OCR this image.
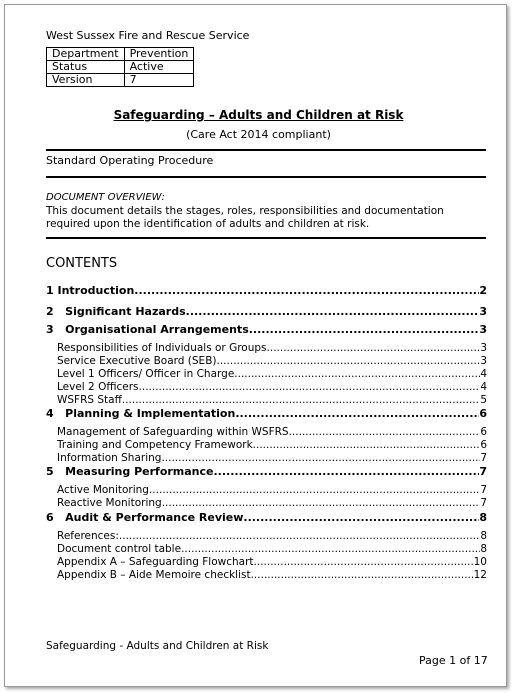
West Sussex Fire and Rescue Service
Department	Prevention
Status	Active
Version	7
Safeguarding – Adults and Children at Risk
(Care Act 2014 compliant)
Standard Operating Procedure
DOCUMENT OVERVIEW:
This document details the stages, roles, responsibilities and documentation required upon the identification of adults and children at risk.
CONTENTS
1 Introduction .....	2
2   Significant Hazards .....	3
3   Organisational Arrangements .....	3
Responsibilities of Individuals or Groups .....	3
Service Executive Board (SEB) .....	3
Level 1 Officers/ Officer in Charge .....	4
Level 2 Officers .....	4
WSFRS Staff .....	5
4   Planning & Implementation .....	6
Management of Safeguarding within WSFRS .....	6
Training and Competency Framework .....	6
Information Sharing .....	7
5   Measuring Performance .....	7
Active Monitoring .....	7
Reactive Monitoring .....	7
6   Audit & Performance Review .....	8
References: .....	8
Document control table .....	8
Appendix A – Safeguarding Flowchart .....	10
Appendix B – Aide Memoire checklist .....	12
Safeguarding - Adults and Children at Risk
Page 1 of 17
